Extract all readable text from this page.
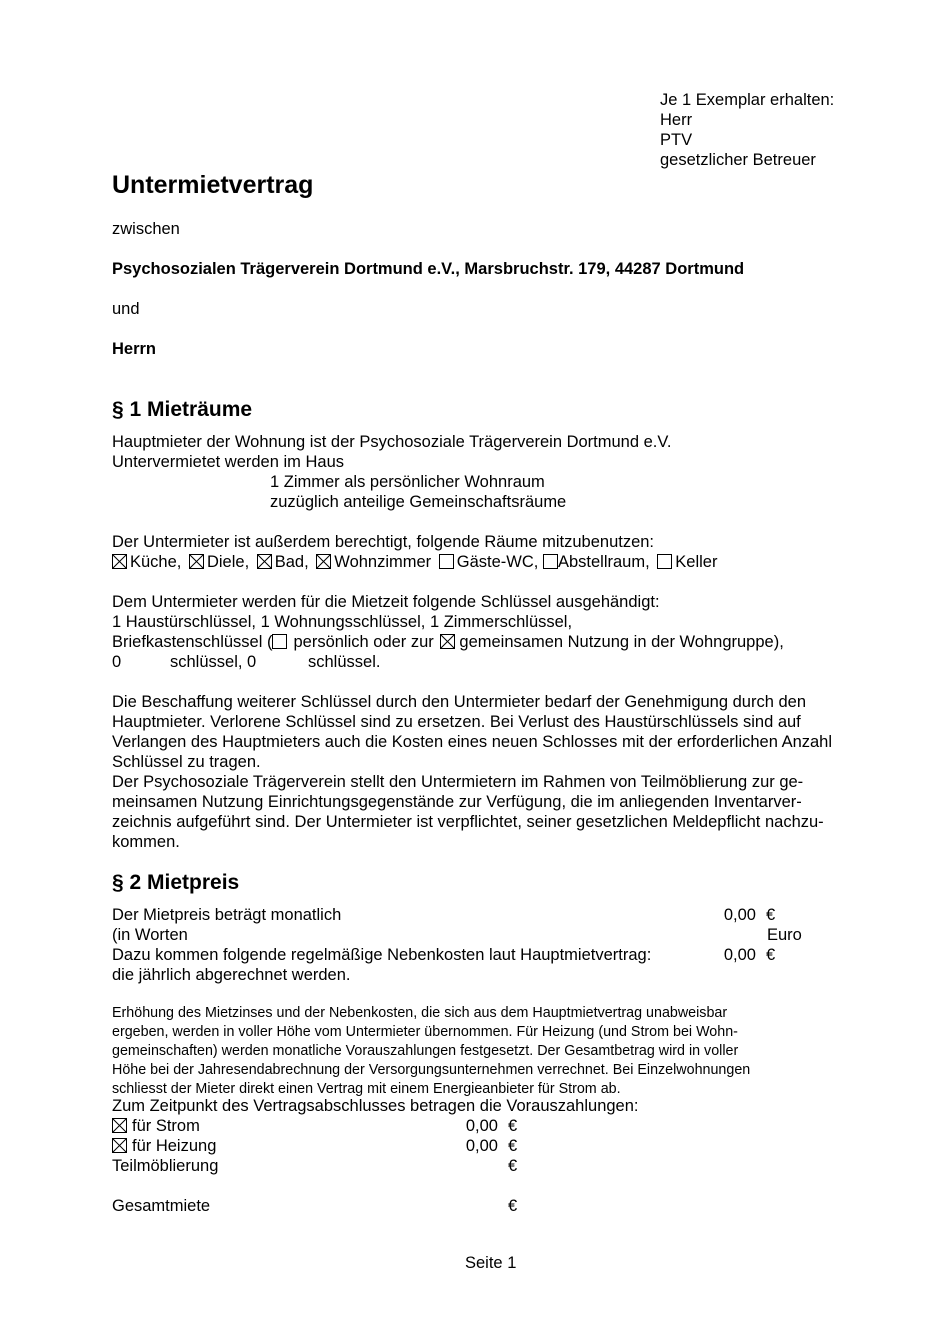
Je 1 Exemplar erhalten:
Herr
PTV
gesetzlicher Betreuer
Untermietvertrag
zwischen
Psychosozialen Trägerverein Dortmund e.V., Marsbruchstr. 179, 44287 Dortmund
und
Herrn
§ 1 Mieträume
Hauptmieter der Wohnung ist der Psychosoziale Trägerverein Dortmund e.V.
Untervermietet werden im Haus
1 Zimmer als persönlicher Wohnraum
zuzüglich anteilige Gemeinschaftsräume
Der Untermieter ist außerdem berechtigt, folgende Räume mitzubenutzen:
Küche, Diele, Bad, Wohnzimmer Gäste-WC, Abstellraum, Keller
Dem Untermieter werden für die Mietzeit folgende Schlüssel ausgehändigt:
1 Haustürschlüssel, 1 Wohnungsschlüssel, 1 Zimmerschlüssel,
Briefkastenschlüssel ( persönlich oder zur gemeinsamen Nutzung in der Wohngruppe),
0	schlüssel, 0	schlüssel.
Die Beschaffung weiterer Schlüssel durch den Untermieter bedarf der Genehmigung durch den
Hauptmieter. Verlorene Schlüssel sind zu ersetzen. Bei Verlust des Haustürschlüssels sind auf
Verlangen des Hauptmieters auch die Kosten eines neuen Schlosses mit der erforderlichen Anzahl
Schlüssel zu tragen.
Der Psychosoziale Trägerverein stellt den Untermietern im Rahmen von Teilmöblierung zur ge-
meinsamen Nutzung Einrichtungsgegenstände zur Verfügung, die im anliegenden Inventarver-
zeichnis aufgeführt sind. Der Untermieter ist verpflichtet, seiner gesetzlichen Meldepflicht nachzu-
kommen.
§ 2 Mietpreis
Der Mietpreis beträgt monatlich	0,00 €
(in Worten	Euro
Dazu kommen folgende regelmäßige Nebenkosten laut Hauptmietvertrag:	0,00 €
die jährlich abgerechnet werden.
Erhöhung des Mietzinses und der Nebenkosten, die sich aus dem Hauptmietvertrag unabweisbar
ergeben, werden in voller Höhe vom Untermieter übernommen. Für Heizung (und Strom bei Wohn-
gemeinschaften) werden monatliche Vorauszahlungen festgesetzt. Der Gesamtbetrag wird in voller
Höhe bei der Jahresendabrechnung der Versorgungsunternehmen verrechnet. Bei Einzelwohnungen
schliesst der Mieter direkt einen Vertrag mit einem Energieanbieter für Strom ab.
Zum Zeitpunkt des Vertragsabschlusses betragen die Vorauszahlungen:
für Strom	0,00 €
für Heizung	0,00 €
Teilmöblierung	€
Gesamtmiete	€
Seite 1
